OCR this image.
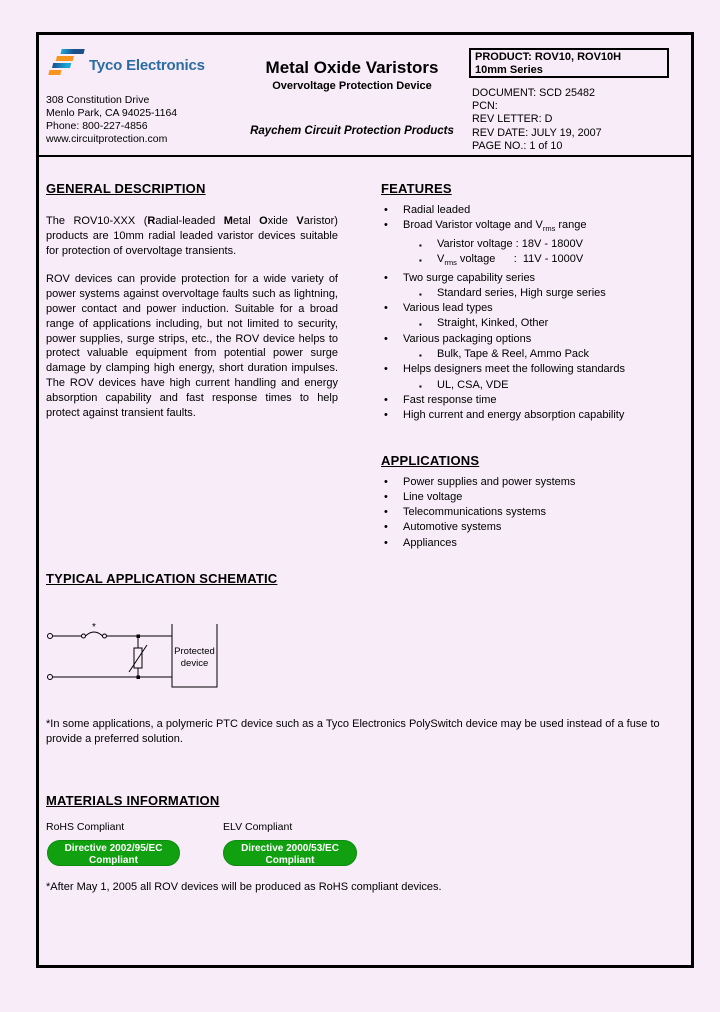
Tyco Electronics
308 Constitution Drive
Menlo Park, CA 94025-1164
Phone: 800-227-4856
www.circuitprotection.com
Metal Oxide Varistors
Overvoltage Protection Device
Raychem Circuit Protection Products
PRODUCT: ROV10, ROV10H
10mm Series
DOCUMENT: SCD 25482
PCN:
REV LETTER: D
REV DATE: JULY 19, 2007
PAGE NO.: 1 of 10
GENERAL DESCRIPTION

The ROV10-XXX (Radial-leaded Metal Oxide Varistor) products are 10mm radial leaded varistor devices suitable for protection of overvoltage transients.

ROV devices can provide protection for a wide variety of power systems against overvoltage faults such as lightning, power contact and power induction. Suitable for a broad range of applications including, but not limited to security, power supplies, surge strips, etc., the ROV device helps to protect valuable equipment from potential power surge damage by clamping high energy, short duration impulses. The ROV devices have high current handling and energy absorption capability and fast response times to help protect against transient faults.

FEATURES
• Radial leaded
• Broad Varistor voltage and $V_{rms}$ range
▪ Varistor voltage : 18V - 1800V
▪ $V_{rms}$ voltage      :  11V - 1000V
• Two surge capability series
▪ Standard series, High surge series
• Various lead types
▪ Straight, Kinked, Other
• Various packaging options
▪ Bulk, Tape & Reel, Ammo Pack
• Helps designers meet the following standards
▪ UL, CSA, VDE
• Fast response time
• High current and energy absorption capability
APPLICATIONS
• Power supplies and power systems
• Line voltage
• Telecommunications systems
• Automotive systems
• Appliances
TYPICAL APPLICATION SCHEMATIC
*
Protected
device
*In some applications, a polymeric PTC device such as a Tyco Electronics PolySwitch device may be used instead of a fuse to provide a preferred solution.
MATERIALS INFORMATION
RoHS Compliant	ELV Compliant
Directive 2002/95/EC
Compliant
Directive 2000/53/EC
Compliant
*After May 1, 2005 all ROV devices will be produced as RoHS compliant devices.
